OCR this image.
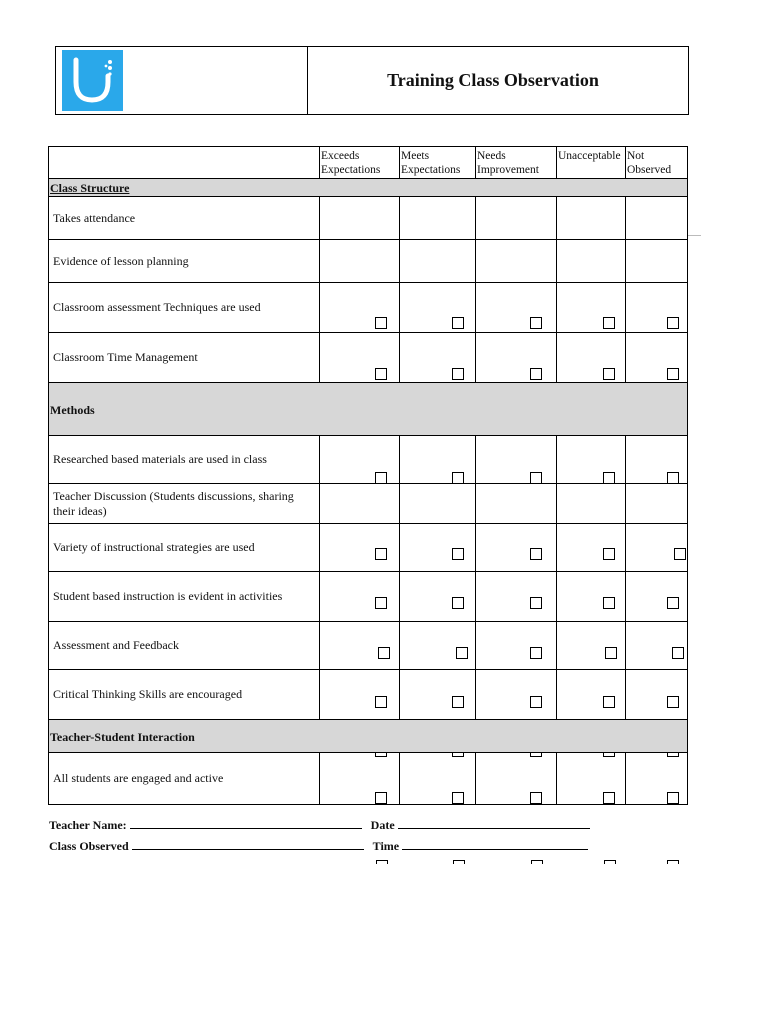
Training Class Observation
	Exceeds Expectations	Meets Expectations	Needs Improvement	Unacceptable	Not Observed
Class Structure					
Takes attendance					
Evidence of lesson planning					
Classroom assessment Techniques are used	

Classroom Time Management	

Methods					
Researched based materials are used in class	

Teacher Discussion (Students discussions, sharing their ideas)					
Variety of instructional strategies are used	

Student based instruction is evident in activities	

Assessment and Feedback	

Critical Thinking Skills are encouraged	

Teacher-Student Interaction					
All students are engaged and active	

Teacher Name:	Date
Class Observed	Time
